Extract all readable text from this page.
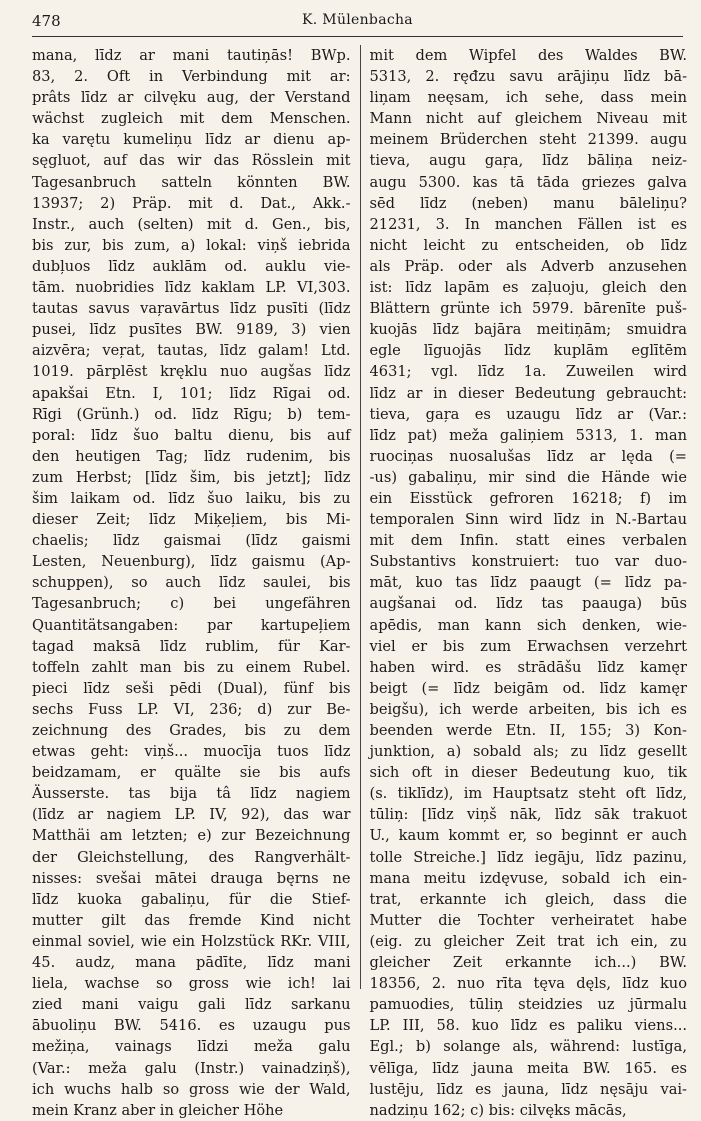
478	K. Mülenbacha
mana, līdz ar mani tautiņās! BWp.
83, 2. Oft in Verbindung mit ar:
prâts līdz ar cilvęku aug, der Verstand
wächst zugleich mit dem Menschen.
ka varętu kumeliņu līdz ar dienu ap-
sęgluot, auf das wir das Rösslein mit
Tagesanbruch satteln könnten BW.
13937; 2) Präp. mit d. Dat., Akk.-
Instr., auch (selten) mit d. Gen., bis,
bis zur, bis zum, a) lokal: viņš iebrida
dubļuos līdz auklām od. auklu vie-
tām. nuobridies līdz kaklam LP. VI,303.
tautas savus vaŗavārtus līdz pusīti (līdz
pusei, līdz pusītes BW. 9189, 3) vien
aizvēra; veŗat, tautas, līdz galam! Ltd.
1019. pārplēst kręklu nuo augšas līdz
apakšai Etn. I, 101; līdz Rīgai od.
Rīgi (Grünh.) od. līdz Rīgu; b) tem-
poral: līdz šuo baltu dienu, bis auf
den heutigen Tag; līdz rudenim, bis
zum Herbst; [līdz šim, bis jetzt]; līdz
šim laikam od. līdz šuo laiku, bis zu
dieser Zeit; līdz Miķeļiem, bis Mi-
chaelis; līdz gaismai (līdz gaismi
Lesten, Neuenburg), līdz gaismu (Ap-
schuppen), so auch līdz saulei, bis
Tagesanbruch; c) bei ungefähren
Quantitätsangaben: par kartupeļiem
tagad maksā līdz rublim, für Kar-
toffeln zahlt man bis zu einem Rubel.
pieci līdz seši pēdi (Dual), fünf bis
sechs Fuss LP. VI, 236; d) zur Be-
zeichnung des Grades, bis zu dem
etwas geht: viņš... muocīja tuos līdz
beidzamam, er quälte sie bis aufs
Äusserste. tas bija tâ līdz nagiem
(līdz ar nagiem LP. IV, 92), das war
Matthäi am letzten; e) zur Bezeichnung
der Gleichstellung, des Rangverhält-
nisses: svešai mātei drauga bęrns ne
līdz kuoka gabaliņu, für die Stief-
mutter gilt das fremde Kind nicht
einmal soviel, wie ein Holzstück RKr. VIII,
45. audz, mana pādīte, līdz mani
liela, wachse so gross wie ich! lai
zied mani vaigu gali līdz sarkanu
ābuoliņu BW. 5416. es uzaugu pus
mežiņa, vainags līdzi meža galu
(Var.: meža galu (Instr.) vainadziņš),
ich wuchs halb so gross wie der Wald,
mein Kranz aber in gleicher Höhe
mit dem Wipfel des Waldes BW.
5313, 2. ręđzu savu arājiņu līdz bā-
liņam neęsam, ich sehe, dass mein
Mann nicht auf gleichem Niveau mit
meinem Brüderchen steht 21399. augu
tieva, augu gaŗa, līdz bāliņa neiz-
augu 5300. kas tā tāda griezes galva
sēd līdz (neben) manu bāleliņu?
21231, 3. In manchen Fällen ist es
nicht leicht zu entscheiden, ob līdz
als Präp. oder als Adverb anzusehen
ist: līdz lapām es zaļuoju, gleich den
Blättern grünte ich 5979. bārenīte puš-
kuojās līdz bajāra meitiņām; smuidra
egle līguojās līdz kuplām eglītēm
4631; vgl. līdz 1a. Zuweilen wird
līdz ar in dieser Bedeutung gebraucht:
tieva, gaŗa es uzaugu līdz ar (Var.:
līdz pat) meža galiņiem 5313, 1. man
ruociņas nuosalušas līdz ar lęda (=
-us) gabaliņu, mir sind die Hände wie
ein Eisstück gefroren 16218; f) im
temporalen Sinn wird līdz in N.-Bartau
mit dem Infin. statt eines verbalen
Substantivs konstruiert: tuo var duo-
māt, kuo tas līdz paaugt (= līdz pa-
augšanai od. līdz tas paauga) būs
apēdis, man kann sich denken, wie-
viel er bis zum Erwachsen verzehrt
haben wird. es strādāšu līdz kamęr
beigt (= līdz beigām od. līdz kamęr
beigšu), ich werde arbeiten, bis ich es
beenden werde Etn. II, 155; 3) Kon-
junktion, a) sobald als; zu līdz gesellt
sich oft in dieser Bedeutung kuo, tik
(s. tiklīdz), im Hauptsatz steht oft līdz,
tūliņ: [līdz viņš nāk, līdz sāk trakuot
U., kaum kommt er, so beginnt er auch
tolle Streiche.] līdz iegāju, līdz pazinu,
mana meitu izdęvuse, sobald ich ein-
trat, erkannte ich gleich, dass die
Mutter die Tochter verheiratet habe
(eig. zu gleicher Zeit trat ich ein, zu
gleicher Zeit erkannte ich...) BW.
18356, 2. nuo rīta tęva dęls, līdz kuo
pamuodies, tūliņ steidzies uz jūrmalu
LP. III, 58. kuo līdz es paliku viens...
Egl.; b) solange als, während: lustīga,
vēlīga, līdz jauna meita BW. 165. es
lustēju, līdz es jauna, līdz nęsāju vai-
nadziņu 162; c) bis: cilvęks mācās,
